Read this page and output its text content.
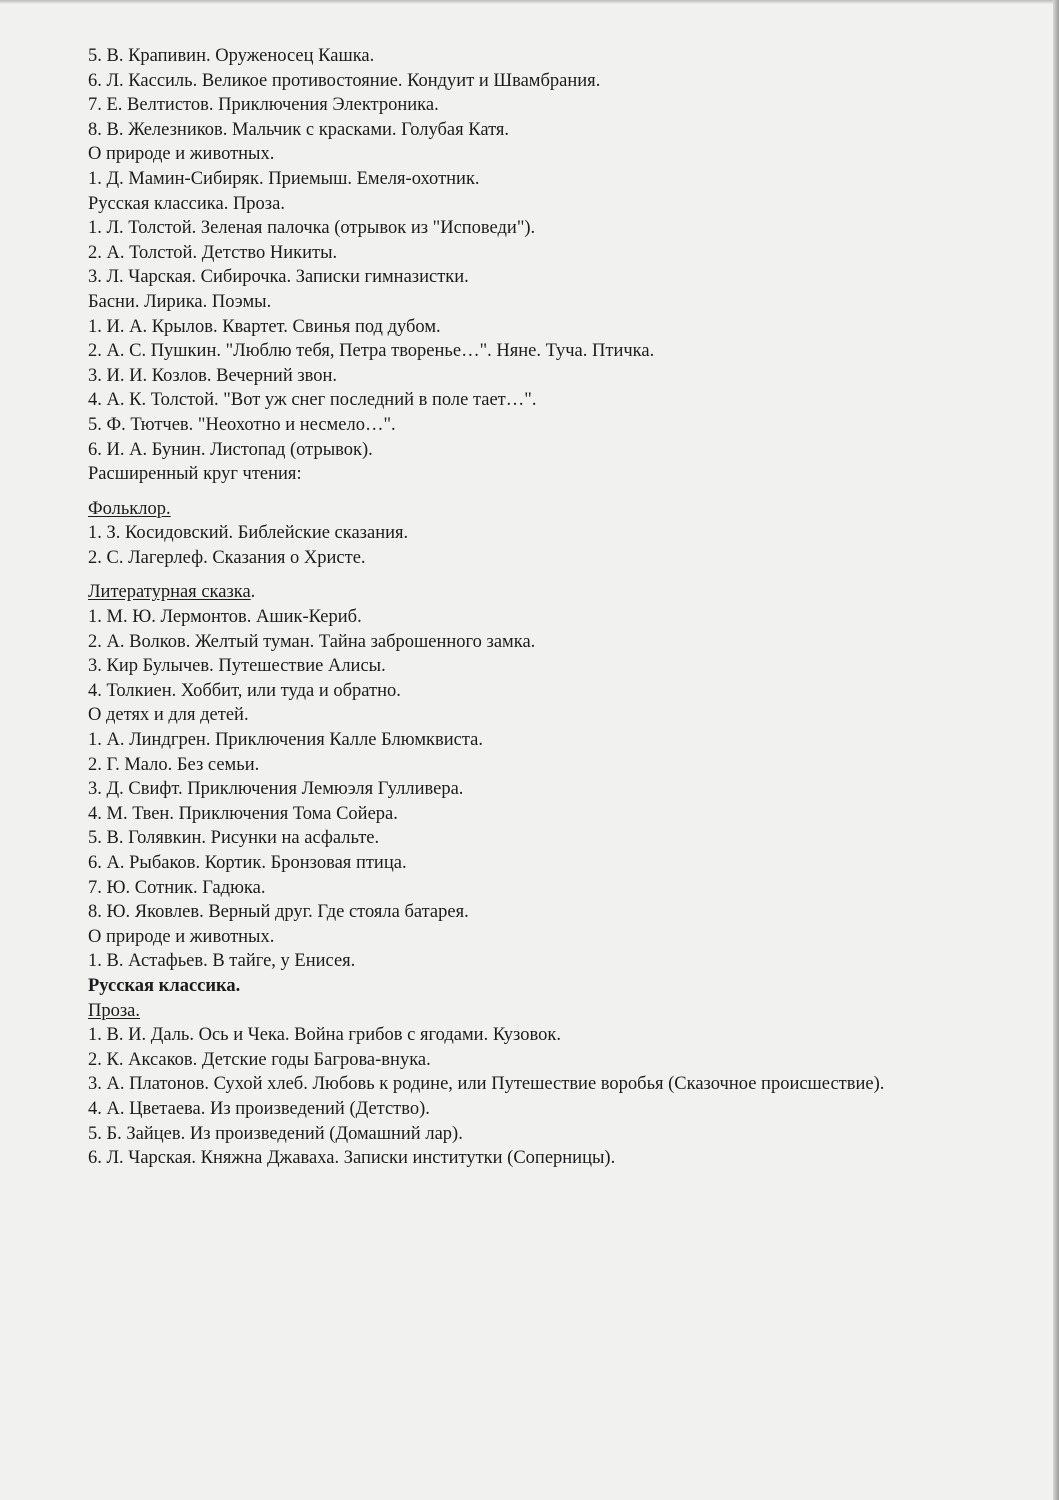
5. В. Крапивин. Оруженосец Кашка.
6. Л. Кассиль. Великое противостояние. Кондуит и Швамбрания.
7. Е. Велтистов. Приключения Электроника.
8. В. Железников. Мальчик с красками. Голубая Катя.
О природе и животных.
1. Д. Мамин-Сибиряк. Приемыш. Емеля-охотник.
Русская классика. Проза.
1. Л. Толстой. Зеленая палочка (отрывок из "Исповеди").
2. А. Толстой. Детство Никиты.
3. Л. Чарская. Сибирочка. Записки гимназистки.
Басни. Лирика. Поэмы.
1. И. А. Крылов. Квартет. Свинья под дубом.
2. А. С. Пушкин. "Люблю тебя, Петра творенье…". Няне. Туча. Птичка.
3. И. И. Козлов. Вечерний звон.
4. А. К. Толстой. "Вот уж снег последний в поле тает…".
5. Ф. Тютчев. "Неохотно и несмело…".
6. И. А. Бунин. Листопад (отрывок).
Расширенный круг чтения:
Фольклор.
1. З. Косидовский. Библейские сказания.
2. С. Лагерлеф. Сказания о Христе.
Литературная сказка.
1. М. Ю. Лермонтов. Ашик-Кериб.
2. А. Волков. Желтый туман. Тайна заброшенного замка.
3. Кир Булычев. Путешествие Алисы.
4. Толкиен. Хоббит, или туда и обратно.
О детях и для детей.
1. А. Линдгрен. Приключения Калле Блюмквиста.
2. Г. Мало. Без семьи.
3. Д. Свифт. Приключения Лемюэля Гулливера.
4. М. Твен. Приключения Тома Сойера.
5. В. Голявкин. Рисунки на асфальте.
6. А. Рыбаков. Кортик. Бронзовая птица.
7. Ю. Сотник. Гадюка.
8. Ю. Яковлев. Верный друг. Где стояла батарея.
О природе и животных.
1. В. Астафьев. В тайге, у Енисея.
Русская классика.
Проза.
1. В. И. Даль. Ось и Чека. Война грибов с ягодами. Кузовок.
2. К. Аксаков. Детские годы Багрова-внука.
3. А. Платонов. Сухой хлеб. Любовь к родине, или Путешествие воробья (Сказочное происшествие).
4. А. Цветаева. Из произведений (Детство).
5. Б. Зайцев. Из произведений (Домашний лар).
6. Л. Чарская. Княжна Джаваха. Записки институтки (Соперницы).
